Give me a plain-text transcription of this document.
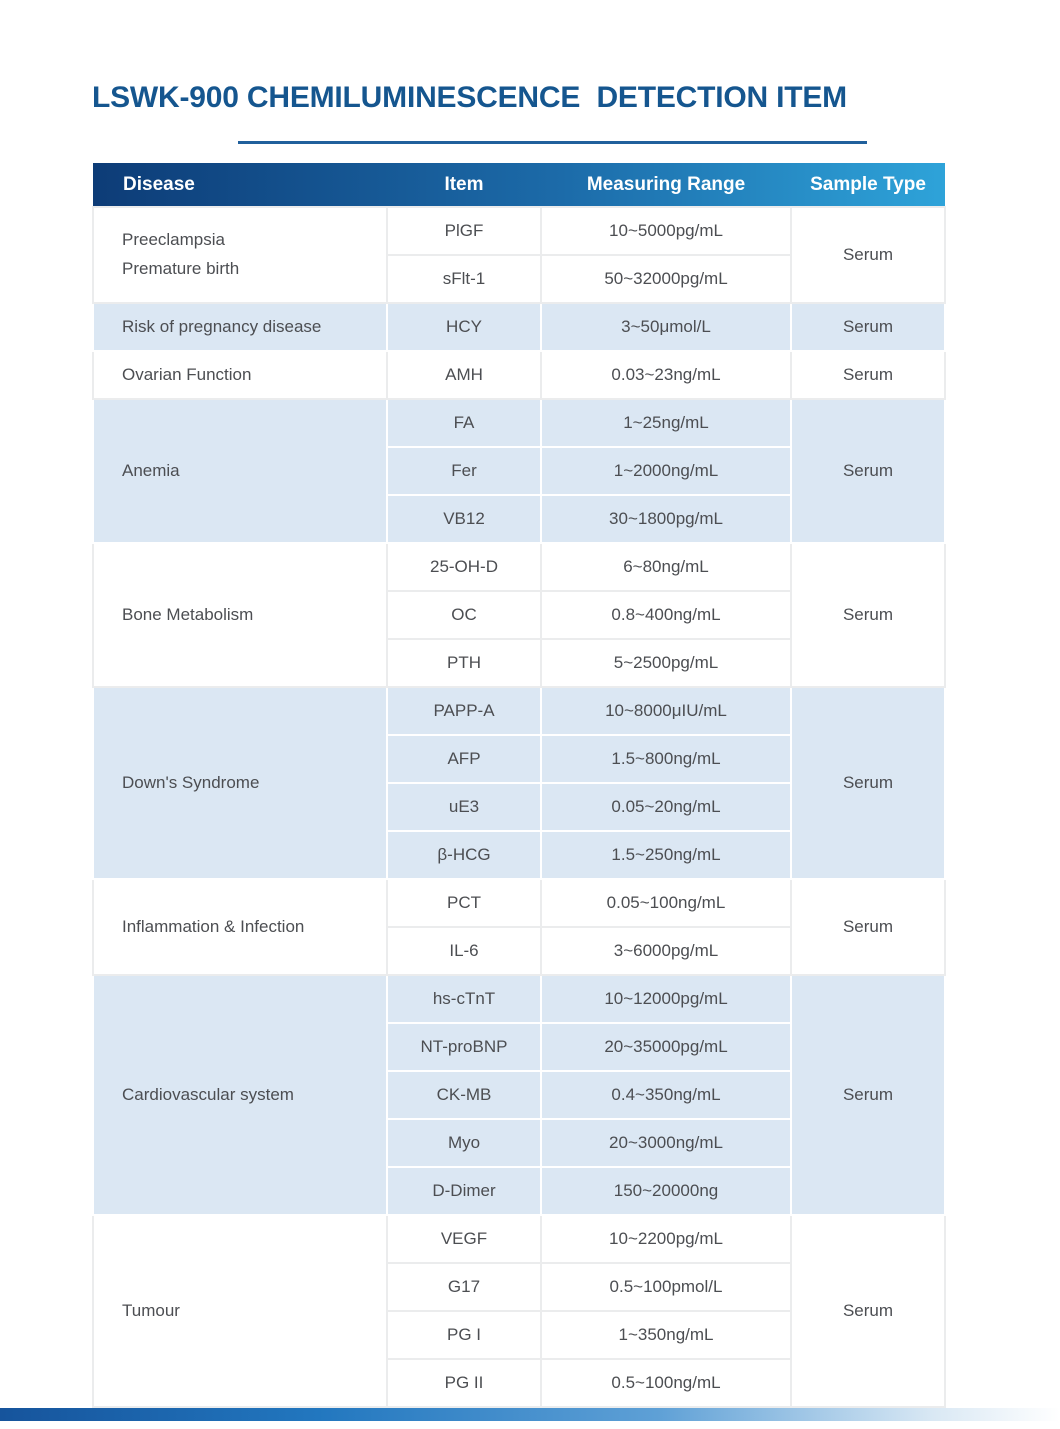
LSWK-900 CHEMILUMINESCENCE  DETECTION ITEM
Disease	Item	Measuring Range	Sample Type

Preeclampsia
Premature birth	PlGF	10~5000pg/mL	Serum
	sFlt-1	50~32000pg/mL	
Risk of pregnancy disease	HCY	3~50μmol/L	Serum
Ovarian Function	AMH	0.03~23ng/mL	Serum
Anemia	FA	1~25ng/mL	Serum
	Fer	1~2000ng/mL	
	VB12	30~1800pg/mL	
Bone Metabolism	25-OH-D	6~80ng/mL	Serum
	OC	0.8~400ng/mL	
	PTH	5~2500pg/mL	
Down's Syndrome	PAPP-A	10~8000μIU/mL	Serum
	AFP	1.5~800ng/mL	
	uE3	0.05~20ng/mL	
	β-HCG	1.5~250ng/mL	
Inflammation & Infection	PCT	0.05~100ng/mL	Serum
	IL-6	3~6000pg/mL	
Cardiovascular system	hs-cTnT	10~12000pg/mL	Serum
	NT-proBNP	20~35000pg/mL	
	CK-MB	0.4~350ng/mL	
	Myo	20~3000ng/mL	
	D-Dimer	150~20000ng	
Tumour	VEGF	10~2200pg/mL	Serum
	G17	0.5~100pmol/L	
	PG I	1~350ng/mL	
	PG II	0.5~100ng/mL	
